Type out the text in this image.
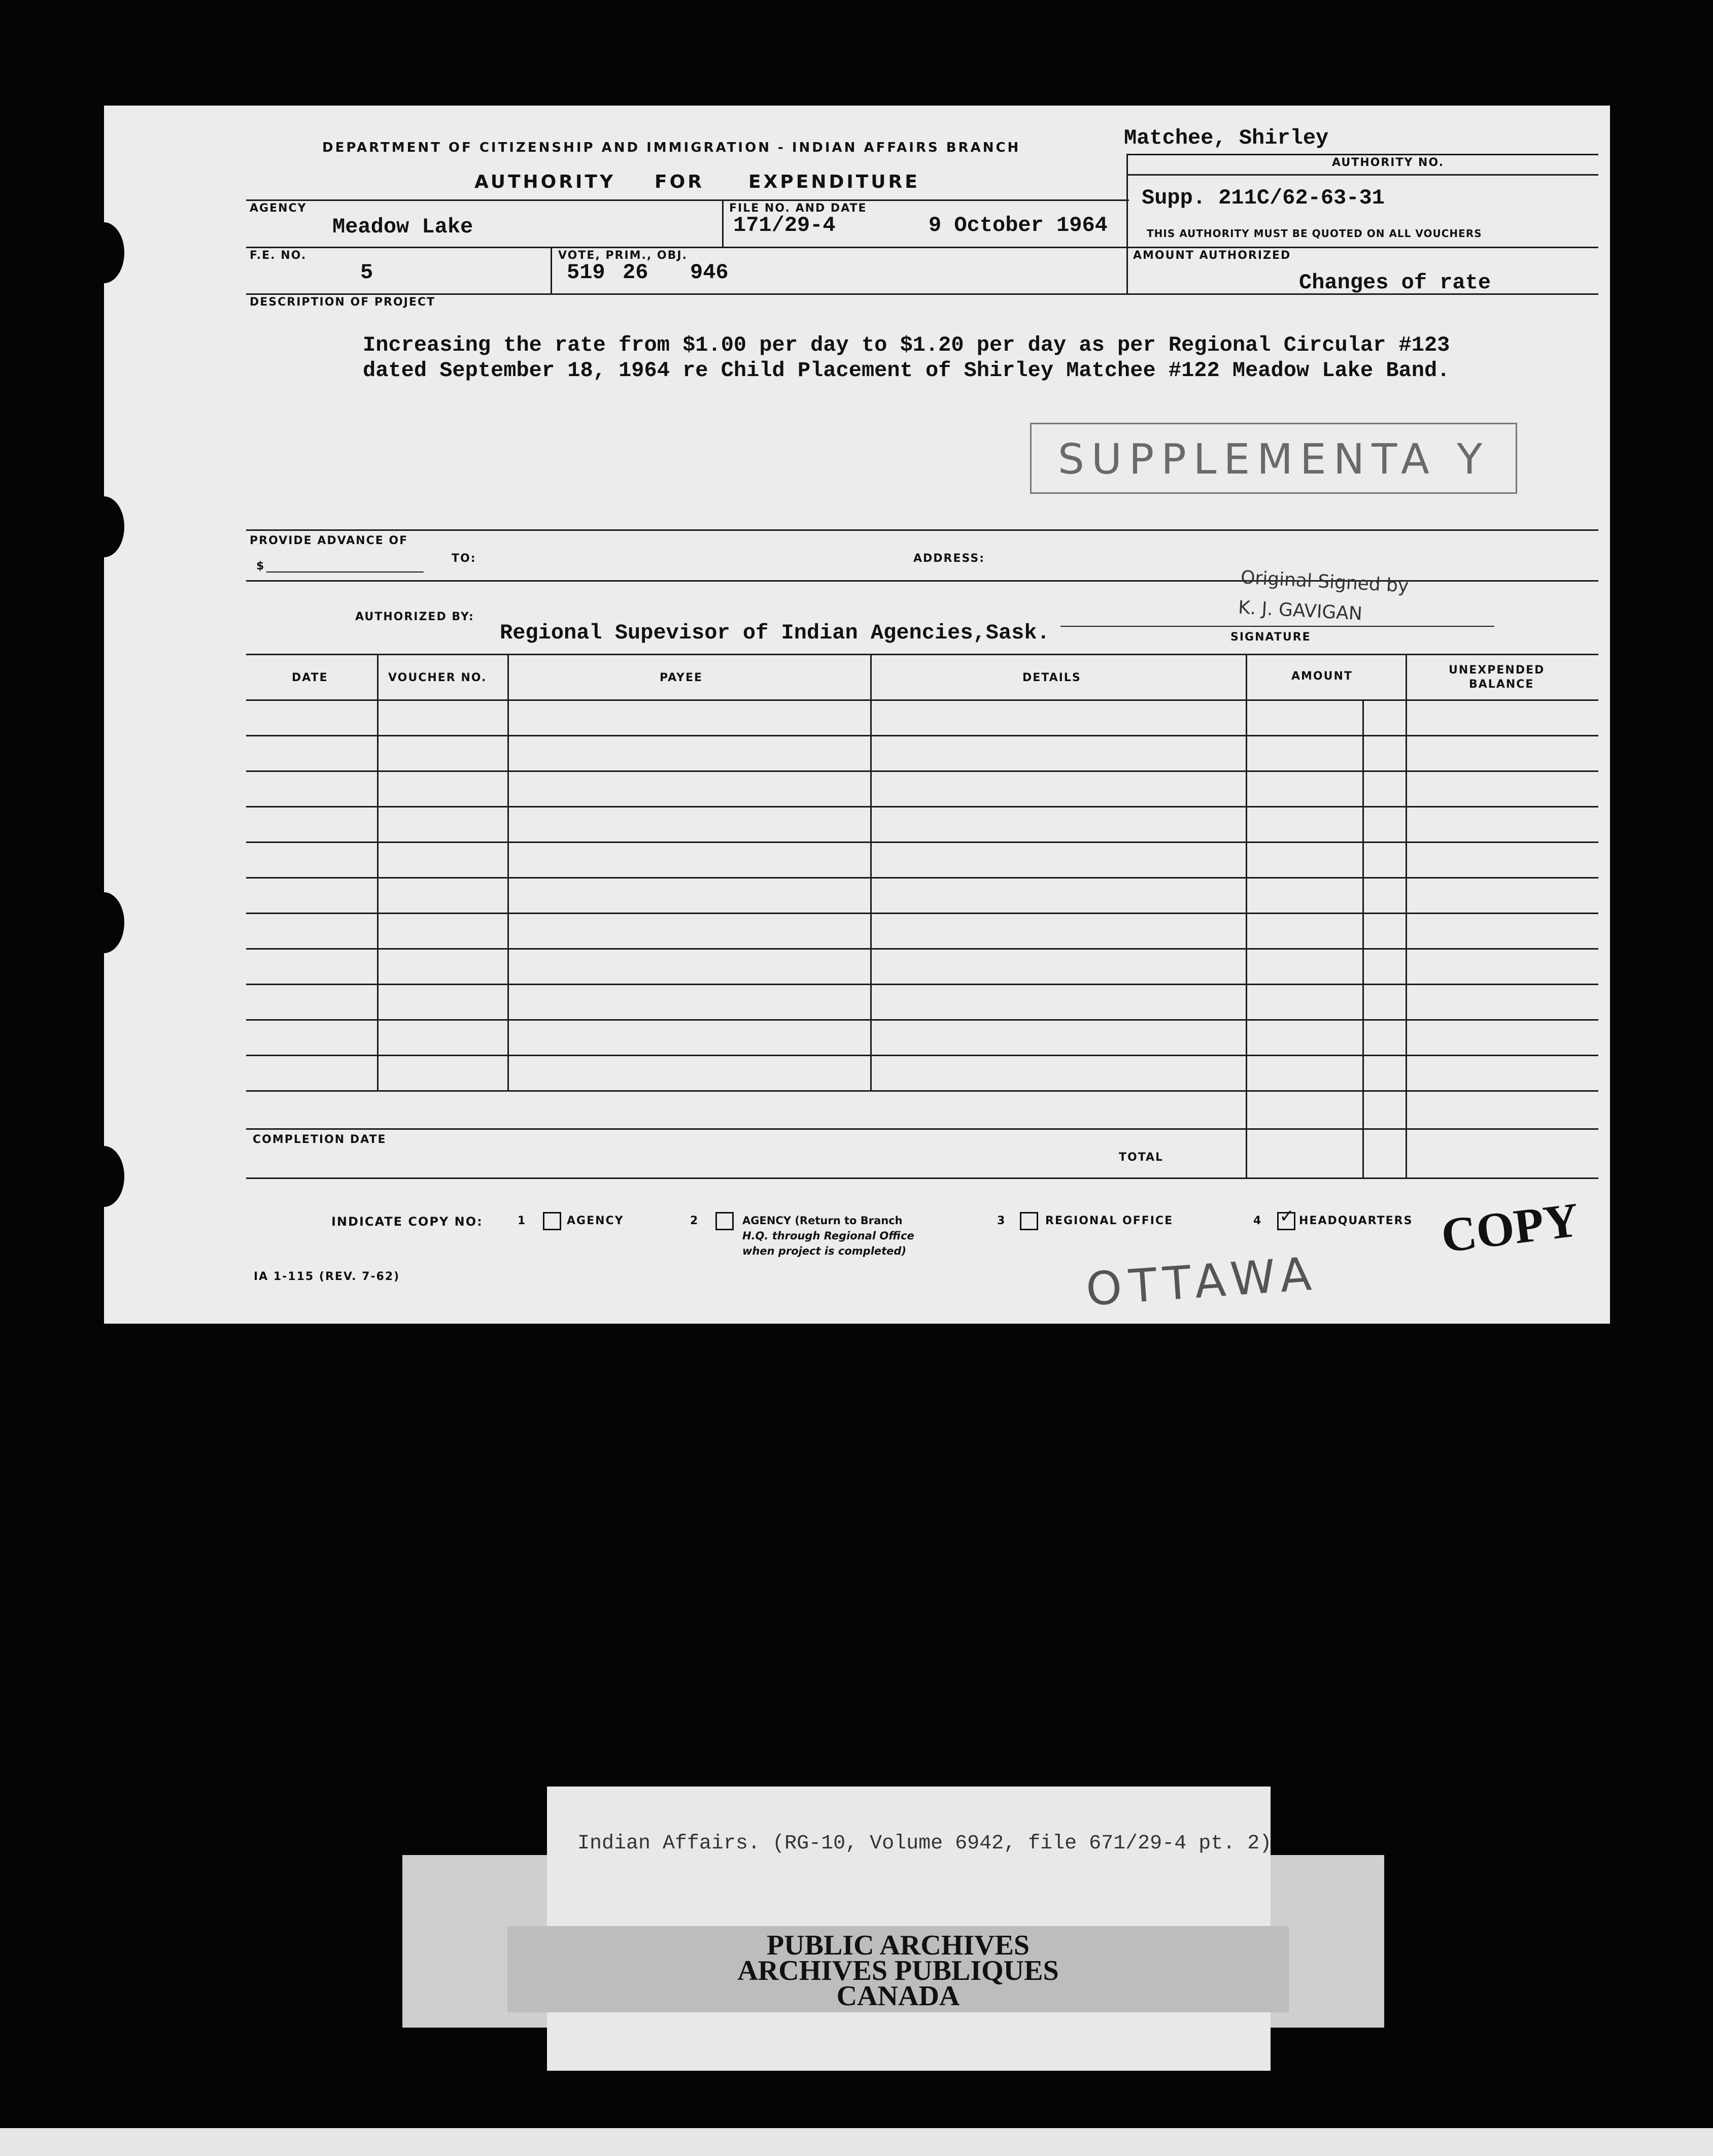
DEPARTMENT OF CITIZENSHIP AND IMMIGRATION - INDIAN AFFAIRS BRANCH
AUTHORITY FOR EXPENDITURE
Matchee, Shirley
AUTHORITY NO.
Supp. 211C/62-63-31
THIS AUTHORITY MUST BE QUOTED ON ALL VOUCHERS
AGENCY
Meadow Lake
FILE NO. AND DATE
171/29-4	9 October 1964
F.E. NO.
5
VOTE, PRIM., OBJ.
519 26 946
AMOUNT AUTHORIZED
Changes of rate
DESCRIPTION OF PROJECT
Increasing the rate from $1.00 per day to $1.20 per day as per Regional Circular #123
dated September 18, 1964 re Child Placement of Shirley Matchee #122 Meadow Lake Band.
SUPPLEMENTA Y
PROVIDE ADVANCE OF
$
TO:	ADDRESS:
AUTHORIZED BY:
Regional Supevisor of Indian Agencies,Sask.
Original Signed by
K. J. GAVIGAN
SIGNATURE
DATE	VOUCHER NO.	PAYEE	DETAILS	AMOUNT	UNEXPENDED
BALANCE
COMPLETION DATE
TOTAL
INDICATE COPY NO:	1	AGENCY	2	AGENCY (Return to Branch
H.Q. through Regional Office
when project is completed)
3	REGIONAL OFFICE	4 ✓ HEADQUARTERS
OTTAWA
COPY
IA 1-115 (REV. 7-62)
Indian Affairs. (RG-10, Volume 6942, file 671/29-4 pt. 2)
PUBLIC ARCHIVES
ARCHIVES PUBLIQUES
CANADA
